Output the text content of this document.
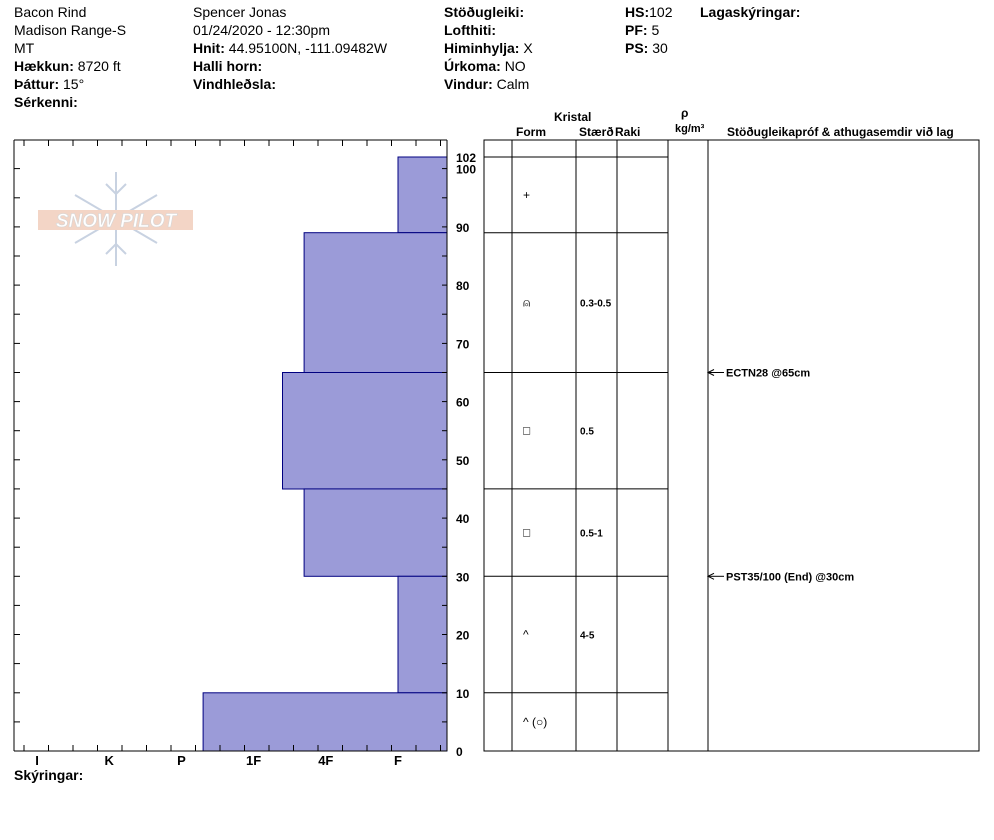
Bacon Rind
Madison Range-S
MT
Hækkun: 8720 ft
Þáttur: 15°
Sérkenni:
Spencer Jonas
01/24/2020 - 12:30pm
Hnit: 44.95100N, -111.09482W
Halli horn:
Vindhleðsla:
Stöðugleiki:
Lofthiti:
Himinhylja: X
Úrkoma: NO
Vindur: Calm
HS:102
PF: 5
PS: 30
Lagaskýringar:
Kristal
Form	Stærð Raki
ρ
kg/m³ Stöðugleikapróf & athugasemdir við lag
SNOW PILOT
I	K	P	1F	4F	F
0
10
20
30
40
50
60
70
80
90
100
102
+
⍝	0.3-0.5
□	0.5
□	0.5-1
^	4-5
^ (○)
ECTN28 @65cm
PST35/100 (End) @30cm
Skýringar:
